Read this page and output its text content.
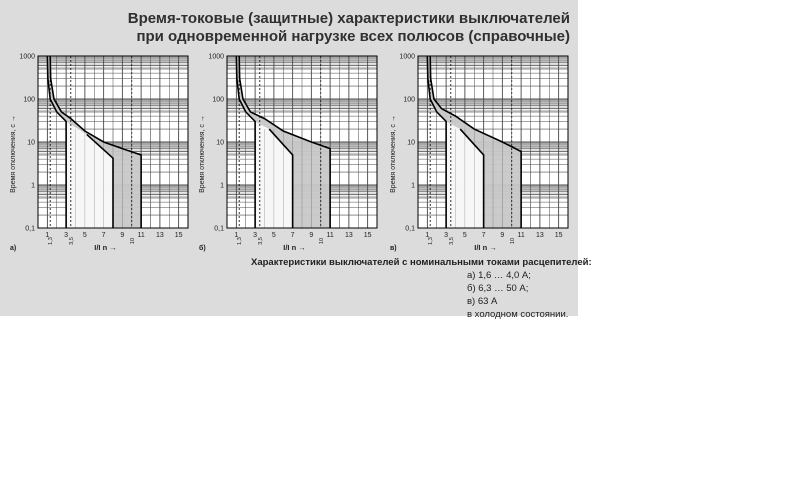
Время-токовые (защитные) характеристики выключателей
при одновременной нагрузке всех полюсов (справочные)
0,1
1
10
100
1000
1 3 5 7 9 11 13 15
1,3	3,5	10
Время отключения, с →
I/I n →
а)
0,1
1
10
100
1000
1 3 5 7 9 11 13 15
1,3	3,5	10
Время отключения, с →
I/I n →
б)
0,1
1
10
100
1000
1 3 5 7 9 11 13 15
1,3	3,5	10
Время отключения, с →
I/I n →
в)
Характеристики выключателей с номинальными токами расцепителей:
а) 1,6 … 4,0 А;
б) 6,3 … 50 А;
в) 63 А
в холодном состоянии.
